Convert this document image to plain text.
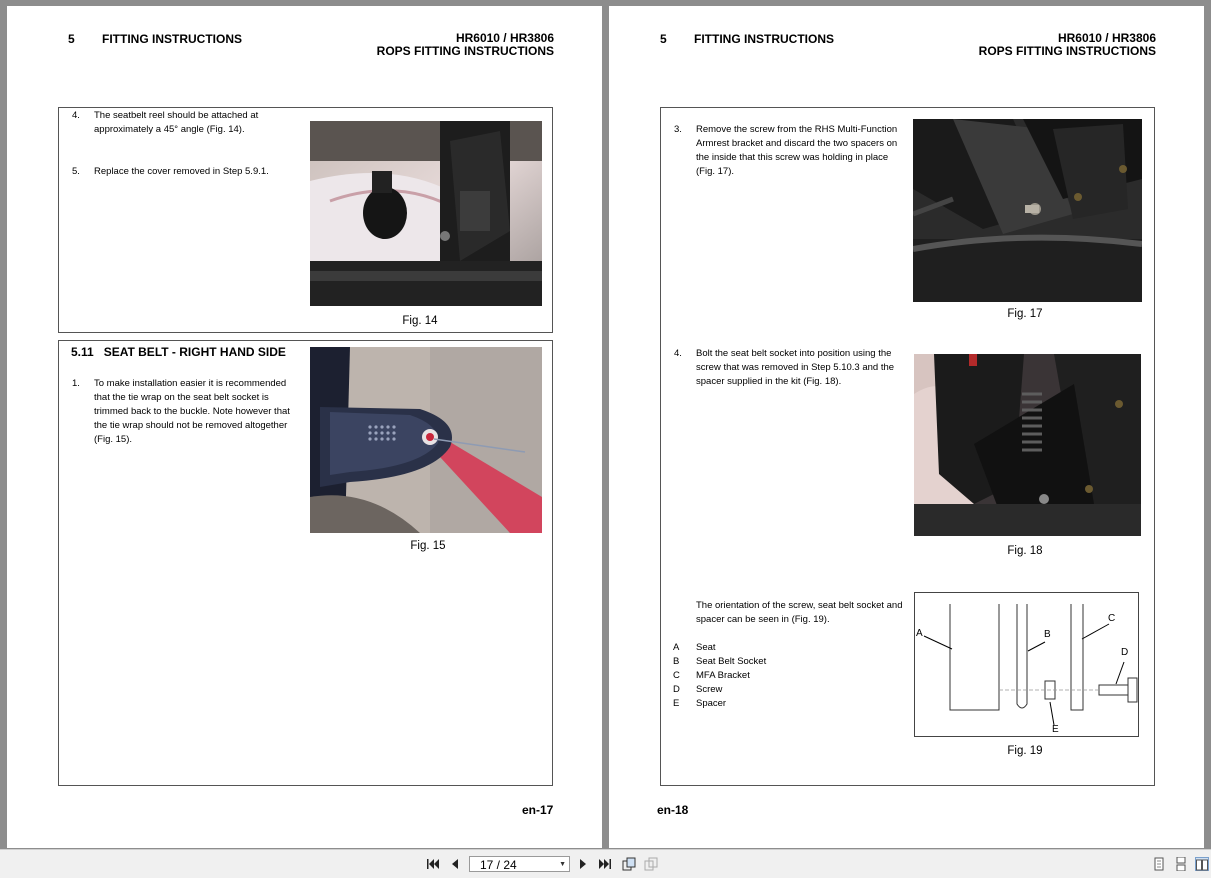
5 FITTING INSTRUCTIONS	HR6010 / HR3806
ROPS FITTING INSTRUCTIONS
4. The seatbelt reel should be attached at approximately a 45° angle (Fig. 14).
5. Replace the cover removed in Step 5.9.1.
Fig. 14
5.11   SEAT BELT - RIGHT HAND SIDE
1. To make installation easier it is recommended that the tie wrap on the seat belt socket is trimmed back to the buckle. Note however that the tie wrap should not be removed altogether (Fig. 15).
Fig. 15
en-17
5 FITTING INSTRUCTIONS	HR6010 / HR3806
ROPS FITTING INSTRUCTIONS
3. Remove the screw from the RHS Multi-Function Armrest bracket and discard the two spacers on the inside that this screw was holding in place (Fig. 17).
Fig. 17
4. Bolt the seat belt socket into position using the screw that was removed in Step 5.10.3 and the spacer supplied in the kit (Fig. 18).
Fig. 18
The orientation of the screw, seat belt socket and spacer can be seen in (Fig. 19).
A Seat
B Seat Belt Socket
C MFA Bracket
D Screw
E Spacer
A	B
C
D
E
Fig. 19
en-18
17 / 24	▼
